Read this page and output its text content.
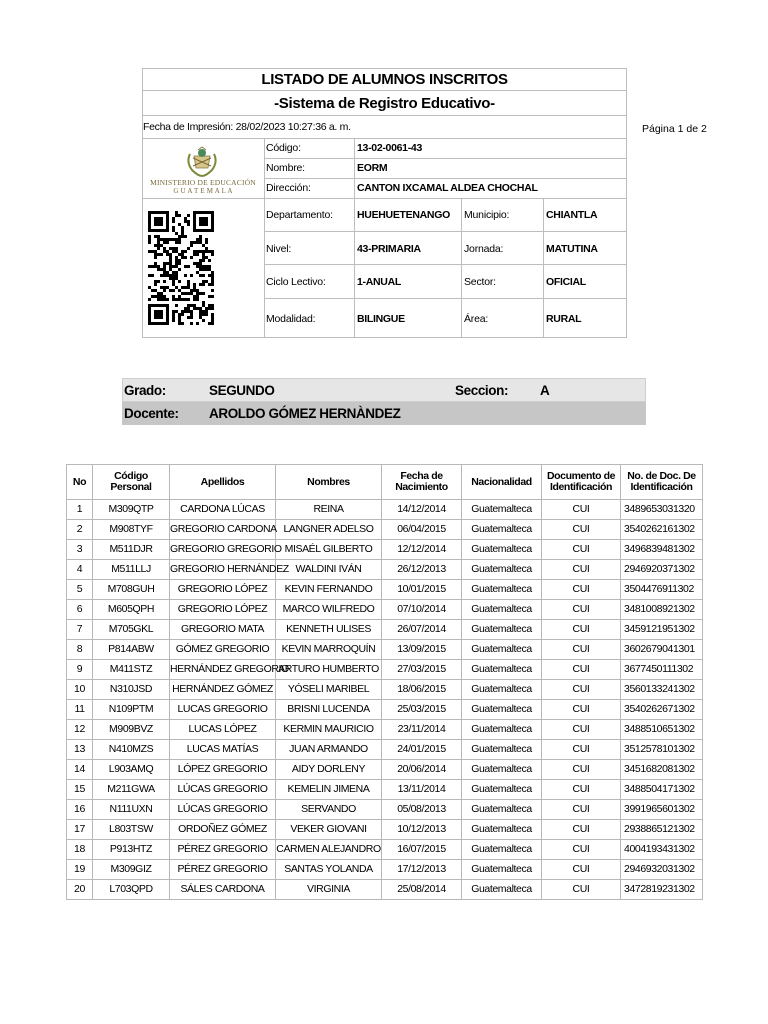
LISTADO DE ALUMNOS INSCRITOS
-Sistema de Registro Educativo-
Fecha de Impresión: 28/02/2023 10:27:36 a. m.	Página 1 de 2
MINISTERIO DE EDUCACIÓN
G U A T E M A L A
Código:	13-02-0061-43
Nombre:	EORM
Dirección:	CANTON IXCAMAL ALDEA CHOCHAL
Departamento: HUEHUETENANGO Municipio:	CHIANTLA
Nivel:	43-PRIMARIA	Jornada:	MATUTINA
Ciclo Lectivo:	1-ANUAL	Sector:	OFICIAL
Modalidad:	BILINGUE	Área:	RURAL
Grado:	SEGUNDO	Seccion: A
Docente: AROLDO GÓMEZ HERNÀNDEZ
No	Código Personal	Apellidos	Nombres	Fecha de Nacimiento	Nacionalidad	Documento de Identificación	No. de Doc. De Identificación
1	M309QTP	CARDONA LÚCAS	REINA	14/12/2014	Guatemalteca	CUI	3489653031320
2	M908TYF	GREGORIO CARDONA	LANGNER ADELSO	06/04/2015	Guatemalteca	CUI	3540262161302
3	M511DJR	GREGORIO GREGORIO	MISAÉL GILBERTO	12/12/2014	Guatemalteca	CUI	3496839481302
4	M511LLJ	GREGORIO HERNÁNDEZ	WALDINI IVÁN	26/12/2013	Guatemalteca	CUI	2946920371302
5	M708GUH	GREGORIO LÓPEZ	KEVIN FERNANDO	10/01/2015	Guatemalteca	CUI	3504476911302
6	M605QPH	GREGORIO LÓPEZ	MARCO WILFREDO	07/10/2014	Guatemalteca	CUI	3481008921302
7	M705GKL	GREGORIO MATA	KENNETH ULISES	26/07/2014	Guatemalteca	CUI	3459121951302
8	P814ABW	GÓMEZ GREGORIO	KEVIN MARROQUÍN	13/09/2015	Guatemalteca	CUI	3602679041301
9	M411STZ	HERNÁNDEZ GREGORIO	ARTURO HUMBERTO	27/03/2015	Guatemalteca	CUI	3677450111302
10	N310JSD	HERNÁNDEZ GÓMEZ	YÓSELI MARIBEL	18/06/2015	Guatemalteca	CUI	3560133241302
11	N109PTM	LUCAS GREGORIO	BRISNI LUCENDA	25/03/2015	Guatemalteca	CUI	3540262671302
12	M909BVZ	LUCAS LÓPEZ	KERMIN MAURICIO	23/11/2014	Guatemalteca	CUI	3488510651302
13	N410MZS	LUCAS MATÍAS	JUAN ARMANDO	24/01/2015	Guatemalteca	CUI	3512578101302
14	L903AMQ	LÓPEZ GREGORIO	AIDY DORLENY	20/06/2014	Guatemalteca	CUI	3451682081302
15	M211GWA	LÚCAS GREGORIO	KEMELIN JIMENA	13/11/2014	Guatemalteca	CUI	3488504171302
16	N111UXN	LÚCAS GREGORIO	SERVANDO	05/08/2013	Guatemalteca	CUI	3991965601302
17	L803TSW	ORDOÑEZ GÓMEZ	VEKER GIOVANI	10/12/2013	Guatemalteca	CUI	2938865121302
18	P913HTZ	PÉREZ GREGORIO	CARMEN ALEJANDRO	16/07/2015	Guatemalteca	CUI	4004193431302
19	M309GIZ	PÉREZ GREGORIO	SANTAS YOLANDA	17/12/2013	Guatemalteca	CUI	2946932031302
20	L703QPD	SÁLES CARDONA	VIRGINIA	25/08/2014	Guatemalteca	CUI	3472819231302
